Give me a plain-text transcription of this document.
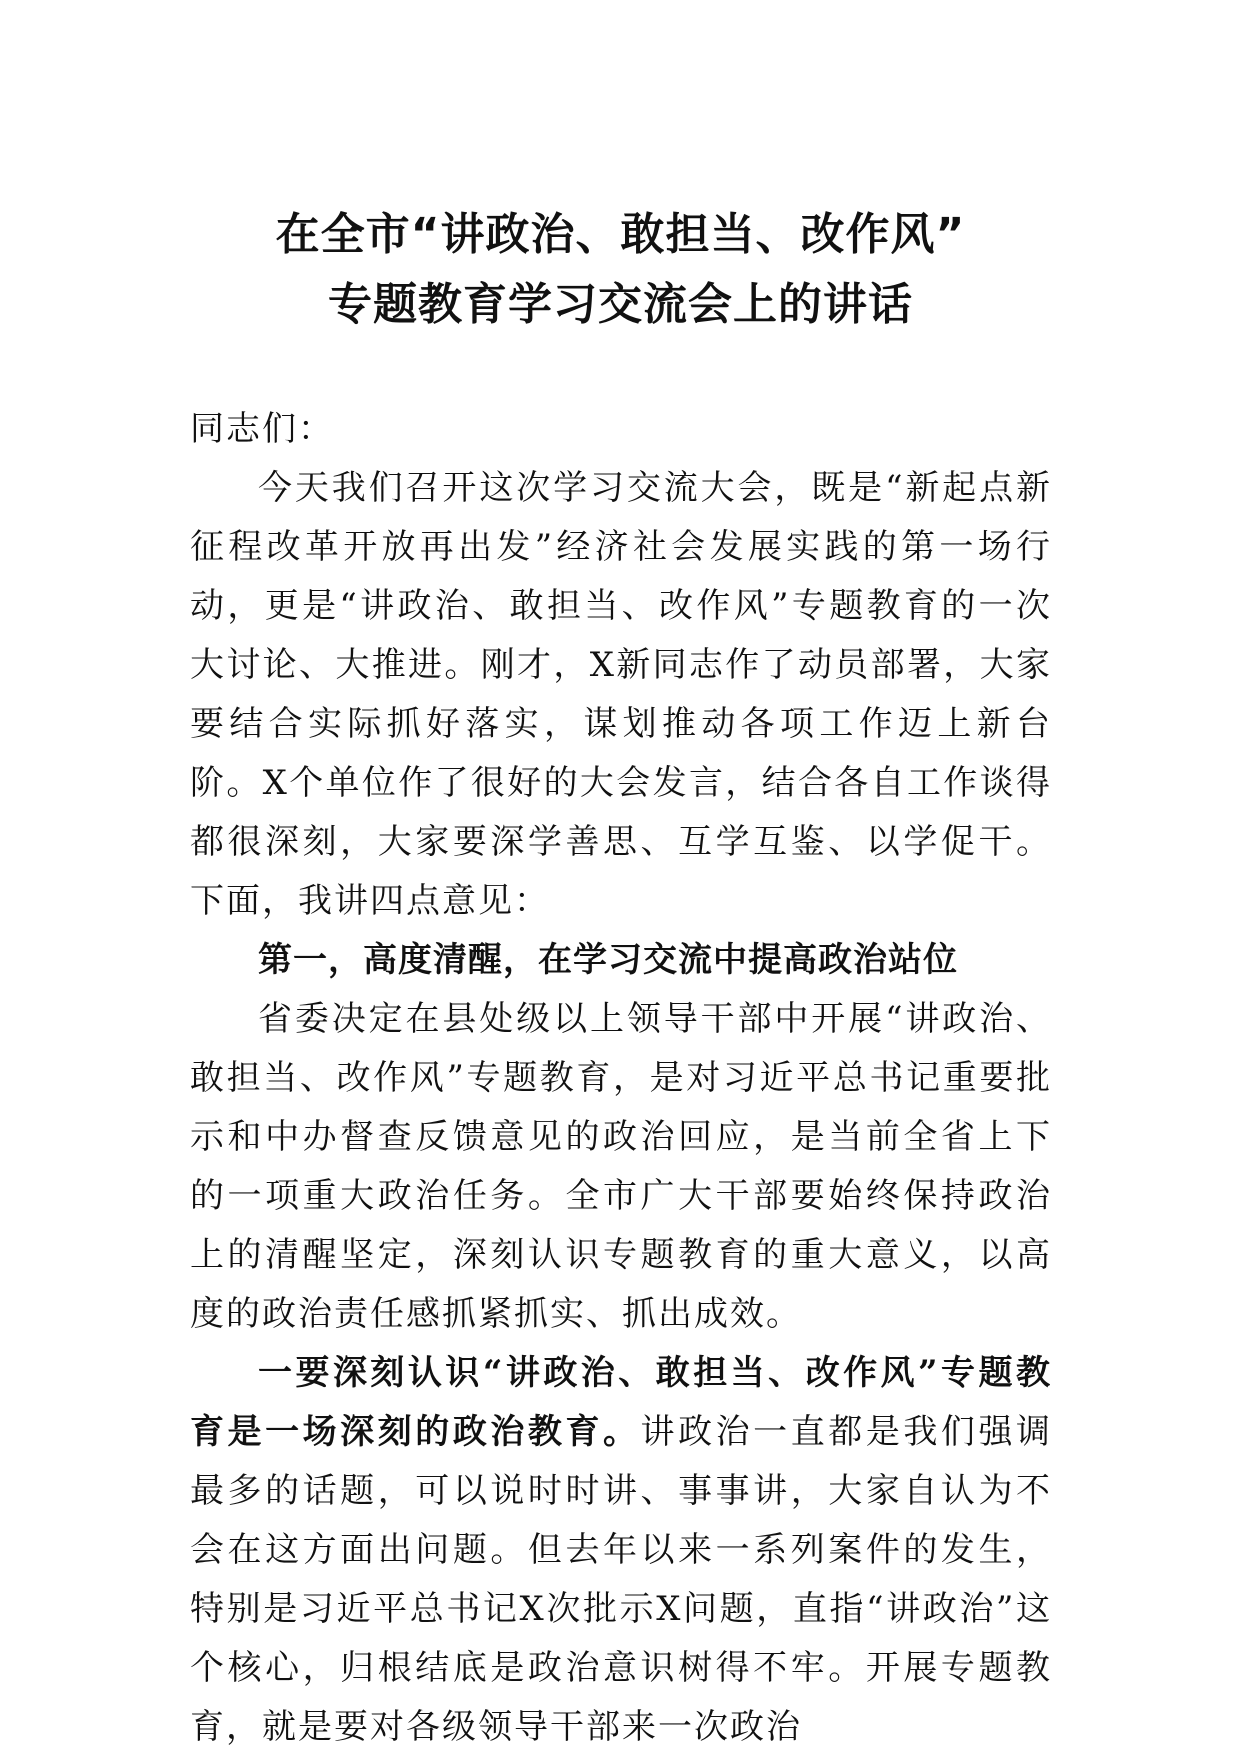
在全市“讲政治、敢担当、改作风”
专题教育学习交流会上的讲话

同志们：

今天我们召开这次学习交流大会，既是“新起点新征程改革开放再出发”经济社会发展实践的第一场行动，更是“讲政治、敢担当、改作风”专题教育的一次大讨论、大推进。刚才，X新同志作了动员部署，大家要结合实际抓好落实，谋划推动各项工作迈上新台阶。X个单位作了很好的大会发言，结合各自工作谈得都很深刻，大家要深学善思、互学互鉴、以学促干。下面，我讲四点意见：

第一，高度清醒，在学习交流中提高政治站位

省委决定在县处级以上领导干部中开展“讲政治、敢担当、改作风”专题教育，是对习近平总书记重要批示和中办督查反馈意见的政治回应，是当前全省上下的一项重大政治任务。全市广大干部要始终保持政治上的清醒坚定，深刻认识专题教育的重大意义，以高度的政治责任感抓紧抓实、抓出成效。

一要深刻认识“讲政治、敢担当、改作风”专题教育是一场深刻的政治教育。讲政治一直都是我们强调最多的话题，可以说时时讲、事事讲，大家自认为不会在这方面出问题。但去年以来一系列案件的发生，特别是习近平总书记X次批示X问题，直指“讲政治”这个核心，归根结底是政治意识树得不牢。开展专题教育，就是要对各级领导干部来一次政治
